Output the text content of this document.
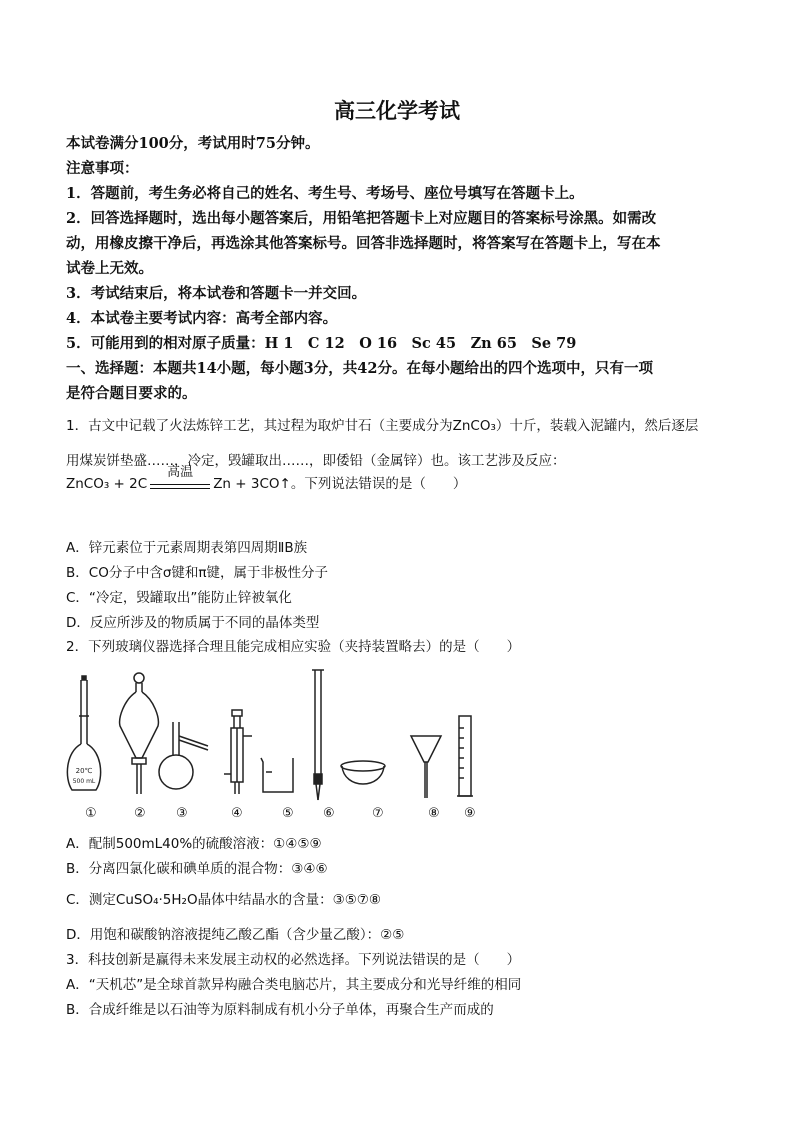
高三化学考试
本试卷满分100分，考试用时75分钟。
注意事项：
1．答题前，考生务必将自己的姓名、考生号、考场号、座位号填写在答题卡上。
2．回答选择题时，选出每小题答案后，用铅笔把答题卡上对应题目的答案标号涂黑。如需改
动，用橡皮擦干净后，再选涂其他答案标号。回答非选择题时，将答案写在答题卡上，写在本
试卷上无效。
3．考试结束后，将本试卷和答题卡一并交回。
4．本试卷主要考试内容：高考全部内容。
5．可能用到的相对原子质量：H 1　C 12　O 16　Sc 45　Zn 65　Se 79
一、选择题：本题共14小题，每小题3分，共42分。在每小题给出的四个选项中，只有一项
是符合题目要求的。
1．古文中记载了火法炼锌工艺，其过程为取炉甘石（主要成分为ZnCO₃）十斤，装载入泥罐内，然后逐层
用煤炭饼垫盛……，冷定，毁罐取出……，即倭铅（金属锌）也。该工艺涉及反应：
ZnCO₃ + 2C
高温
Zn + 3CO↑。下列说法错误的是（　　）
A．锌元素位于元素周期表第四周期ⅡB族
B．CO分子中含σ键和π键，属于非极性分子
C．“冷定，毁罐取出”能防止锌被氧化
D．反应所涉及的物质属于不同的晶体类型
2．下列玻璃仪器选择合理且能完成相应实验（夹持装置略去）的是（　　）
20℃
500 mL
①	② ③	④	⑤ ⑥	⑦	⑧ ⑨
A．配制500mL40%的硫酸溶液：①④⑤⑨
B．分离四氯化碳和碘单质的混合物：③④⑥
C．测定CuSO₄·5H₂O晶体中结晶水的含量：③⑤⑦⑧
D．用饱和碳酸钠溶液提纯乙酸乙酯（含少量乙酸）：②⑤
3．科技创新是赢得未来发展主动权的必然选择。下列说法错误的是（　　）
A．“天机芯”是全球首款异构融合类电脑芯片，其主要成分和光导纤维的相同
B．合成纤维是以石油等为原料制成有机小分子单体，再聚合生产而成的
